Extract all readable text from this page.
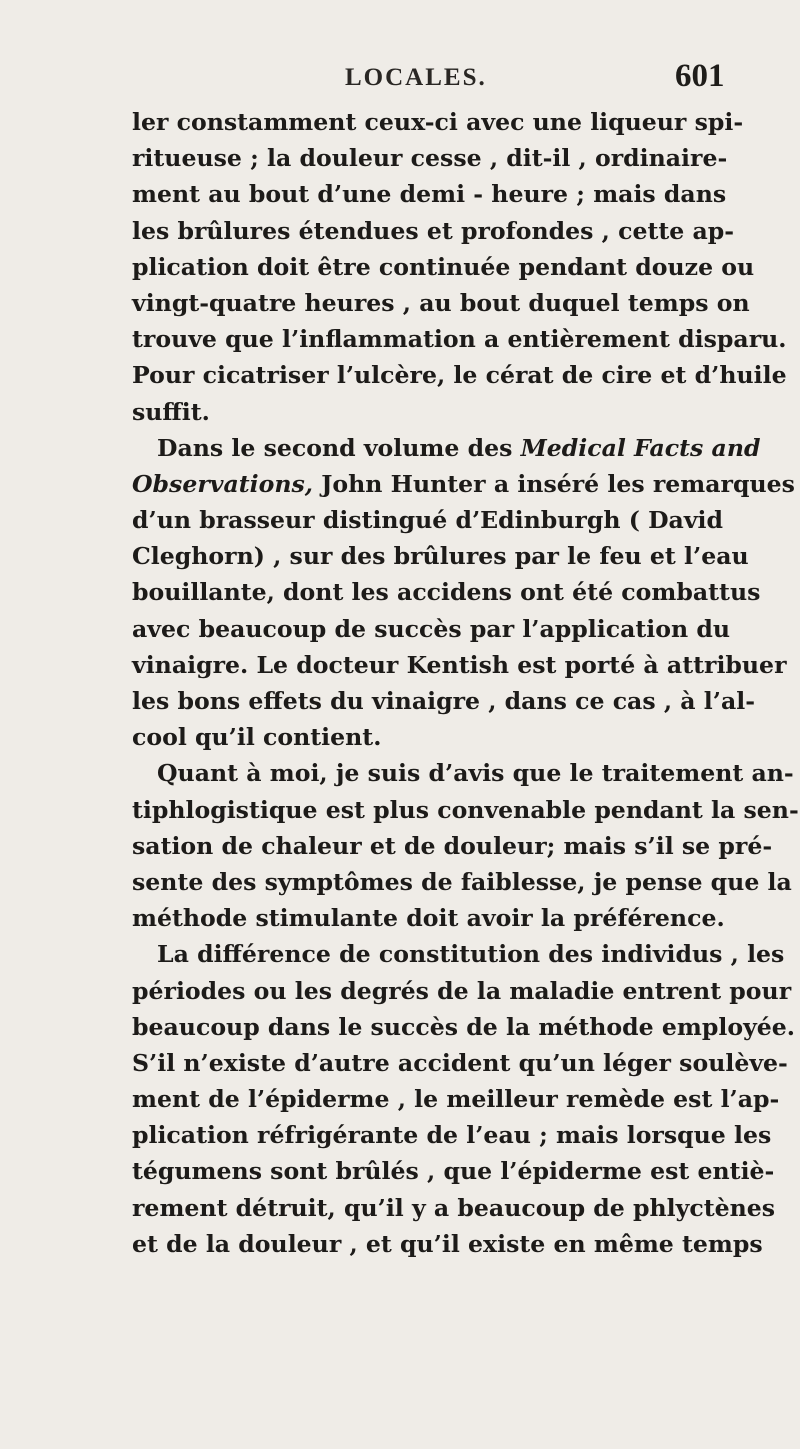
LOCALES.	601
ler constamment ceux-ci avec une liqueur spi-
ritueuse ; la douleur cesse , dit-il , ordinaire-
ment au bout d’une demi - heure ; mais dans
les brûlures étendues et profondes , cette ap-
plication doit être continuée pendant douze ou
vingt-quatre heures , au bout duquel temps on
trouve que l’inflammation a entièrement disparu.
Pour cicatriser l’ulcère, le cérat de cire et d’huile
suffit.
Dans le second volume des Medical Facts and
Observations, John Hunter a inséré les remarques
d’un brasseur distingué d’Edinburgh ( David
Cleghorn) , sur des brûlures par le feu et l’eau
bouillante, dont les accidens ont été combattus
avec beaucoup de succès par l’application du
vinaigre. Le docteur Kentish est porté à attribuer
les bons effets du vinaigre , dans ce cas , à l’al-
cool qu’il contient.
Quant à moi, je suis d’avis que le traitement an-
tiphlogistique est plus convenable pendant la sen-
sation de chaleur et de douleur; mais s’il se pré-
sente des symptômes de faiblesse, je pense que la
méthode stimulante doit avoir la préférence.
La différence de constitution des individus , les
périodes ou les degrés de la maladie entrent pour
beaucoup dans le succès de la méthode employée.
S’il n’existe d’autre accident qu’un léger soulève-
ment de l’épiderme , le meilleur remède est l’ap-
plication réfrigérante de l’eau ; mais lorsque les
tégumens sont brûlés , que l’épiderme est entiè-
rement détruit, qu’il y a beaucoup de phlyctènes
et de la douleur , et qu’il existe en même temps
